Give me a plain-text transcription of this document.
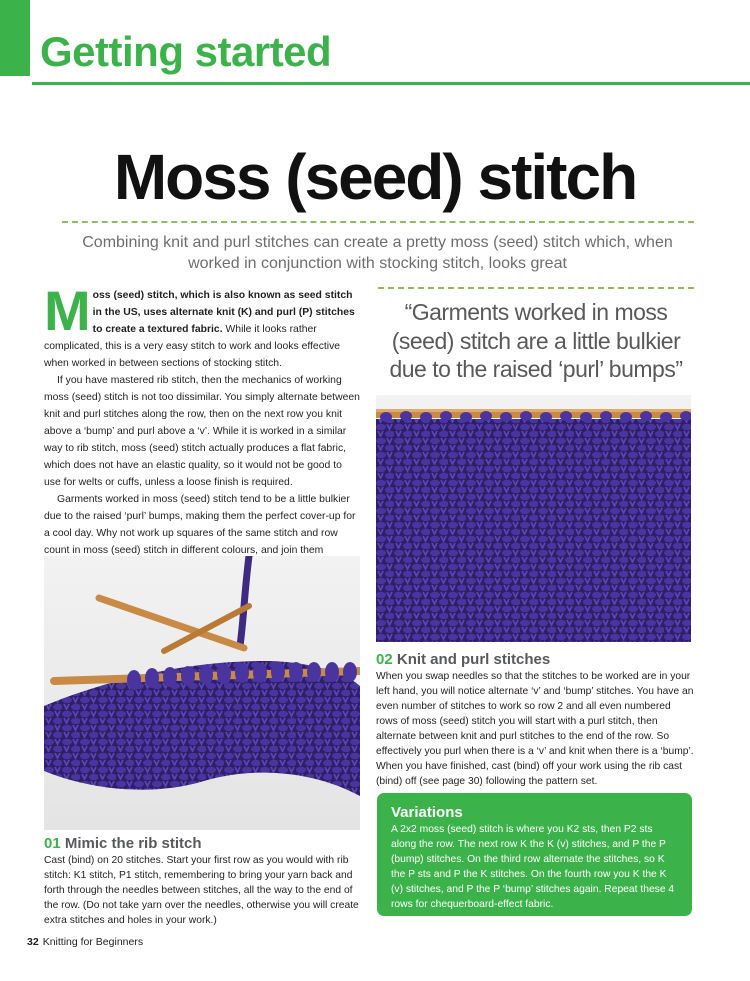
Getting started
Moss (seed) stitch
Combining knit and purl stitches can create a pretty moss (seed) stitch which, when worked in conjunction with stocking stitch, looks great

Moss (seed) stitch, which is also known as seed stitch in the US, uses alternate knit (K) and purl (P) stitches to create a textured fabric. While it looks rather complicated, this is a very easy stitch to work and looks effective when worked in between sections of stocking stitch.

If you have mastered rib stitch, then the mechanics of working moss (seed) stitch is not too dissimilar. You simply alternate between knit and purl stitches along the row, then on the next row you knit above a ‘bump’ and purl above a ‘v’. While it is worked in a similar way to rib stitch, moss (seed) stitch actually produces a flat fabric, which does not have an elastic quality, so it would not be good to use for welts or cuffs, unless a loose finish is required.

Garments worked in moss (seed) stitch tend to be a little bulkier due to the raised ‘purl’ bumps, making them the perfect cover-up for a cool day. Why not work up squares of the same stitch and row count in moss (seed) stitch in different colours, and join them

“Garments worked in moss (seed) stitch are a little bulkier due to the raised ‘purl’ bumps”
02 Knit and purl stitches
When you swap needles so that the stitches to be worked are in your left hand, you will notice alternate ‘v’ and ‘bump’ stitches. You have an even number of stitches to work so row 2 and all even numbered rows of moss (seed) stitch you will start with a purl stitch, then alternate between knit and purl stitches to the end of the row. So effectively you purl when there is a ‘v’ and knit when there is a ‘bump’. When you have finished, cast (bind) off your work using the rib cast (bind) off (see page 30) following the pattern set.
Variations
A 2x2 moss (seed) stitch is where you K2 sts, then P2 sts along the row. The next row K the K (v) stitches, and P the P (bump) stitches. On the third row alternate the stitches, so K the P sts and P the K stitches. On the fourth row you K the K (v) stitches, and P the P ‘bump’ stitches again. Repeat these 4 rows for chequerboard-effect fabric.
01 Mimic the rib stitch
Cast (bind) on 20 stitches. Start your first row as you would with rib stitch: K1 stitch, P1 stitch, remembering to bring your yarn back and forth through the needles between stitches, all the way to the end of the row. (Do not take yarn over the needles, otherwise you will create extra stitches and holes in your work.)
32 Knitting for Beginners
